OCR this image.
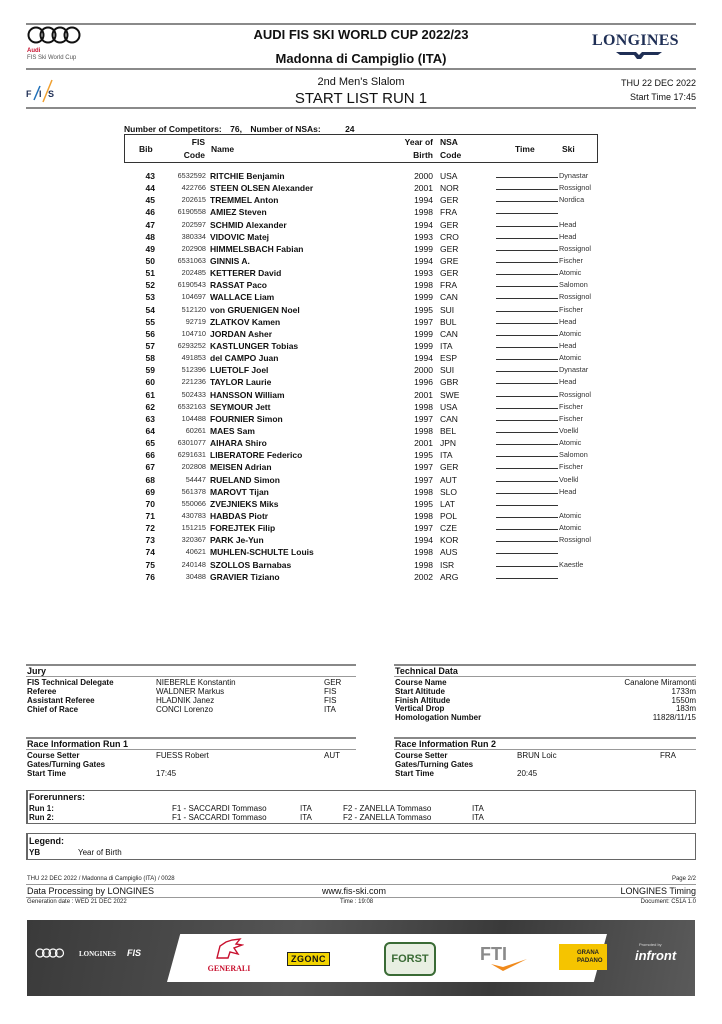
Audi
FIS Ski World Cup
AUDI FIS SKI WORLD CUP 2022/23
Madonna di Campiglio (ITA)
LONGINES
F I S
2nd Men's Slalom
START LIST RUN 1
THU 22 DEC 2022
Start Time 17:45
Number of Competitors: 76, Number of NSAs:	24
Bib
FIS
Code
Name
Year of
Birth
NSA
Code
Time	Ski
43	6532592 RITCHIE Benjamin	2000 USA	Dynastar
44	422766 STEEN OLSEN Alexander	2001 NOR	Rossignol
45	202615 TREMMEL Anton	1994 GER	Nordica
46	6190558 AMIEZ Steven	1998 FRA
47	202597 SCHMID Alexander	1994 GER	Head
48	380334 VIDOVIC Matej	1993 CRO	Head
49	202908 HIMMELSBACH Fabian	1999 GER	Rossignol
50	6531063 GINNIS A.	1994 GRE	Fischer
51	202485 KETTERER David	1993 GER	Atomic
52	6190543 RASSAT Paco	1998 FRA	Salomon
53	104697 WALLACE Liam	1999 CAN	Rossignol
54	512120 von GRUENIGEN Noel	1995 SUI	Fischer
55	92719 ZLATKOV Kamen	1997 BUL	Head
56	104710 JORDAN Asher	1999 CAN	Atomic
57	6293252 KASTLUNGER Tobias	1999 ITA	Head
58	491853 del CAMPO Juan	1994 ESP	Atomic
59	512396 LUETOLF Joel	2000 SUI	Dynastar
60	221236 TAYLOR Laurie	1996 GBR	Head
61	502433 HANSSON William	2001 SWE	Rossignol
62	6532163 SEYMOUR Jett	1998 USA	Fischer
63	104488 FOURNIER Simon	1997 CAN	Fischer
64	60261 MAES Sam	1998 BEL	Voelkl
65	6301077 AIHARA Shiro	2001 JPN	Atomic
66	6291631 LIBERATORE Federico	1995 ITA	Salomon
67	202808 MEISEN Adrian	1997 GER	Fischer
68	54447 RUELAND Simon	1997 AUT	Voelkl
69	561378 MAROVT Tijan	1998 SLO	Head
70	550066 ZVEJNIEKS Miks	1995 LAT
71	430783 HABDAS Piotr	1998 POL	Atomic
72	151215 FOREJTEK Filip	1997 CZE	Atomic
73	320367 PARK Je-Yun	1994 KOR	Rossignol
74	40621 MUHLEN-SCHULTE Louis	1998 AUS
75	240148 SZOLLOS Barnabas	1998 ISR	Kaestle
76	30488 GRAVIER Tiziano	2002 ARG
Jury
FIS Technical Delegate	NIEBERLE Konstantin	GER
Referee	WALDNER Markus	FIS
Assistant Referee	HLADNIK Janez	FIS
Chief of Race	CONCI Lorenzo	ITA
Technical Data
Course Name	Canalone Miramonti
Start Altitude	1733m
Finish Altitude	1550m
Vertical Drop	183m
Homologation Number	11828/11/15
Race Information Run 1
Course Setter	FUESS Robert	AUT
Gates/Turning Gates
Start Time	17:45
Race Information Run 2
Course Setter	BRUN Loic	FRA
Gates/Turning Gates
Start Time	20:45
Forerunners:
Run 1:	F1 - SACCARDI Tommaso	ITA	F2 - ZANELLA Tommaso	ITA
Run 2:	F1 - SACCARDI Tommaso	ITA	F2 - ZANELLA Tommaso	ITA
Legend:
YB	Year of Birth
THU 22 DEC 2022 / Madonna di Campiglio (ITA) / 0028	Page 2/2
Data Processing by LONGINES	www.fis-ski.com	LONGINES Timing
Generation date : WED 21 DEC 2022	Time : 19:08	Document: C51A 1.0
LONGINES FIS
GENERALI
ZGONC	FORST	FTI	GRANA PADANO
Promoted by
infront
